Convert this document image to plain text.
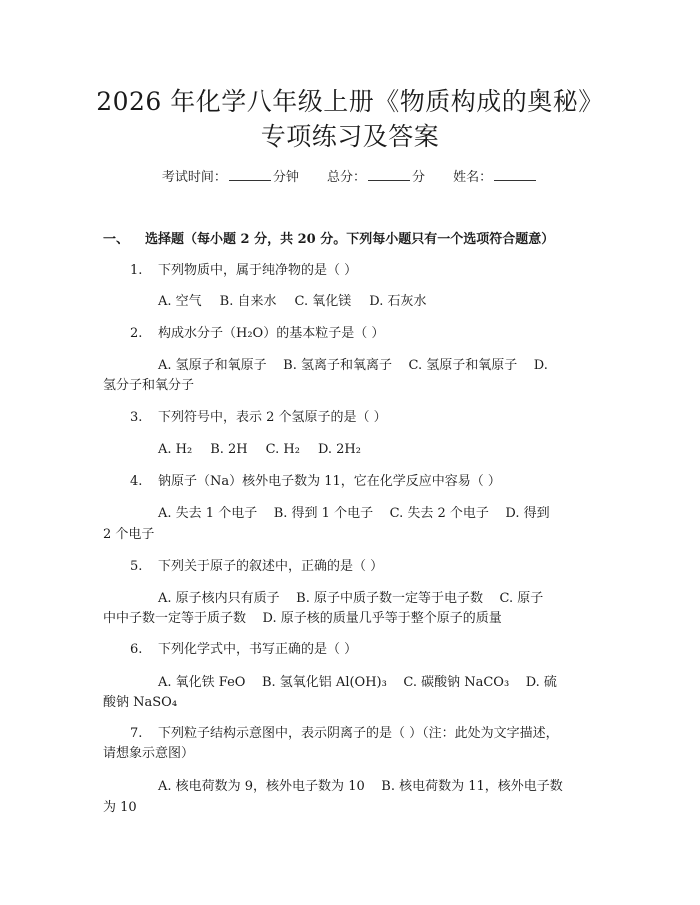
2026 年化学八年级上册《物质构成的奥秘》
专项练习及答案
考试时间：	分钟 总分：	分 姓名：
一、 选择题（每小题 2 分，共 20 分。下列每小题只有一个选项符合题意）
1. 下列物质中，属于纯净物的是（ ）
A. 空气 B. 自来水 C. 氧化镁 D. 石灰水
2. 构成水分子（H₂O）的基本粒子是（ ）
A. 氢原子和氧原子    B. 氢离子和氧离子    C. 氢原子和氧原子    D.
氢分子和氧分子
3. 下列符号中，表示 2 个氢原子的是（ ）
A. H₂ B. 2H C. H₂ D. 2H₂
4. 钠原子（Na）核外电子数为 11，它在化学反应中容易（ ）
A. 失去 1 个电子    B. 得到 1 个电子    C. 失去 2 个电子    D. 得到
2 个电子
5. 下列关于原子的叙述中，正确的是（ ）
A. 原子核内只有质子    B. 原子中质子数一定等于电子数    C. 原子
中中子数一定等于质子数    D. 原子核的质量几乎等于整个原子的质量
6. 下列化学式中，书写正确的是（ ）
A. 氧化铁 FeO    B. 氢氧化铝 Al(OH)₃    C. 碳酸钠 NaCO₃    D. 硫
酸钠 NaSO₄
7. 下列粒子结构示意图中，表示阴离子的是（ ）（注：此处为文字描述，
请想象示意图）
A. 核电荷数为 9，核外电子数为 10    B. 核电荷数为 11，核外电子数
为 10
